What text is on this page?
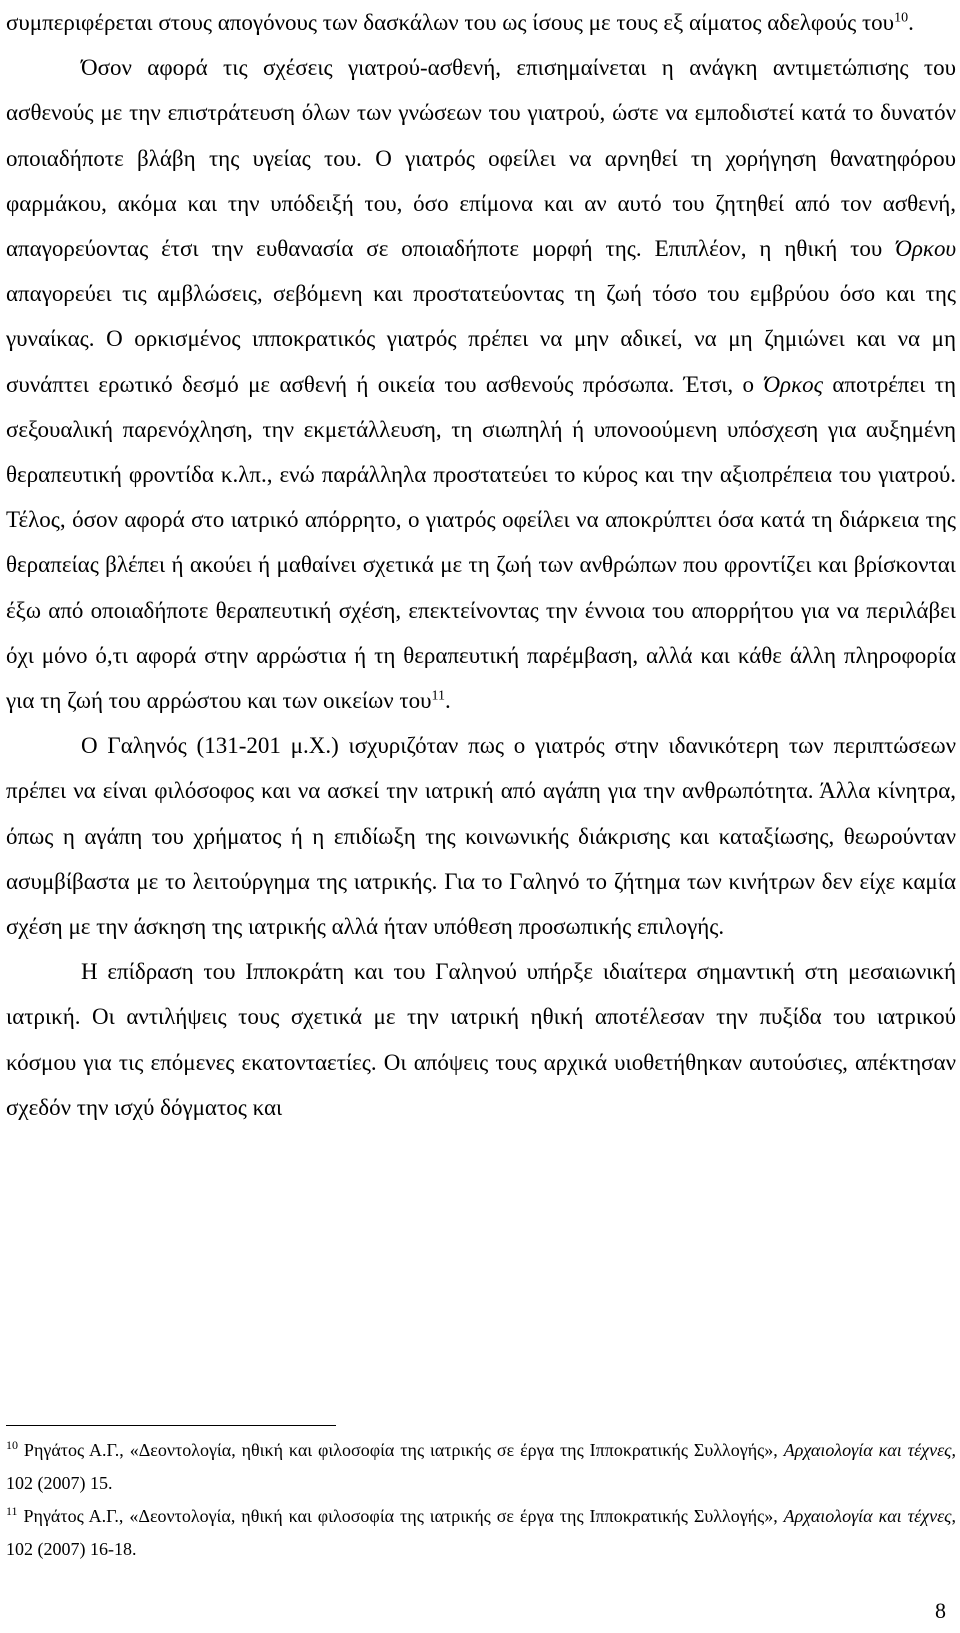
συμπεριφέρεται στους απογόνους των δασκάλων του ως ίσους με τους εξ αίματος αδελφούς του$^{10}$.

Όσον αφορά τις σχέσεις γιατρού-ασθενή, επισημαίνεται η ανάγκη αντιμετώπισης του ασθενούς με την επιστράτευση όλων των γνώσεων του γιατρού, ώστε να εμποδιστεί κατά το δυνατόν οποιαδήποτε βλάβη της υγείας του. Ο γιατρός οφείλει να αρνηθεί τη χορήγηση θανατηφόρου φαρμάκου, ακόμα και την υπόδειξή του, όσο επίμονα και αν αυτό του ζητηθεί από τον ασθενή, απαγορεύοντας έτσι την ευθανασία σε οποιαδήποτε μορφή της. Επιπλέον, η ηθική του Όρκου απαγορεύει τις αμβλώσεις, σεβόμενη και προστατεύοντας τη ζωή τόσο του εμβρύου όσο και της γυναίκας. Ο ορκισμένος ιπποκρατικός γιατρός πρέπει να μην αδικεί, να μη ζημιώνει και να μη συνάπτει ερωτικό δεσμό με ασθενή ή οικεία του ασθενούς πρόσωπα. Έτσι, ο Όρκος αποτρέπει τη σεξουαλική παρενόχληση, την εκμετάλλευση, τη σιωπηλή ή υπονοούμενη υπόσχεση για αυξημένη θεραπευτική φροντίδα κ.λπ., ενώ παράλληλα προστατεύει το κύρος και την αξιοπρέπεια του γιατρού. Τέλος, όσον αφορά στο ιατρικό απόρρητο, ο γιατρός οφείλει να αποκρύπτει όσα κατά τη διάρκεια της θεραπείας βλέπει ή ακούει ή μαθαίνει σχετικά με τη ζωή των ανθρώπων που φροντίζει και βρίσκονται έξω από οποιαδήποτε θεραπευτική σχέση, επεκτείνοντας την έννοια του απορρήτου για να περιλάβει όχι μόνο ό,τι αφορά στην αρρώστια ή τη θεραπευτική παρέμβαση, αλλά και κάθε άλλη πληροφορία για τη ζωή του αρρώστου και των οικείων του$^{11}$.

Ο Γαληνός (131-201 μ.Χ.) ισχυριζόταν πως ο γιατρός στην ιδανικότερη των περιπτώσεων πρέπει να είναι φιλόσοφος και να ασκεί την ιατρική από αγάπη για την ανθρωπότητα. Άλλα κίνητρα, όπως η αγάπη του χρήματος ή η επιδίωξη της κοινωνικής διάκρισης και καταξίωσης, θεωρούνταν ασυμβίβαστα με το λειτούργημα της ιατρικής. Για το Γαληνό το ζήτημα των κινήτρων δεν είχε καμία σχέση με την άσκηση της ιατρικής αλλά ήταν υπόθεση προσωπικής επιλογής.

Η επίδραση του Ιπποκράτη και του Γαληνού υπήρξε ιδιαίτερα σημαντική στη μεσαιωνική ιατρική. Οι αντιλήψεις τους σχετικά με την ιατρική ηθική αποτέλεσαν την πυξίδα του ιατρικού κόσμου για τις επόμενες εκατονταετίες. Οι απόψεις τους αρχικά υιοθετήθηκαν αυτούσιες, απέκτησαν σχεδόν την ισχύ δόγματος και

$^{10}$ Ρηγάτος Α.Γ., «Δεοντολογία, ηθική και φιλοσοφία της ιατρικής σε έργα της Ιπποκρατικής Συλλογής», Αρχαιολογία και τέχνες, 102 (2007) 15.

$^{11}$ Ρηγάτος Α.Γ., «Δεοντολογία, ηθική και φιλοσοφία της ιατρικής σε έργα της Ιπποκρατικής Συλλογής», Αρχαιολογία και τέχνες, 102 (2007) 16-18.

8
